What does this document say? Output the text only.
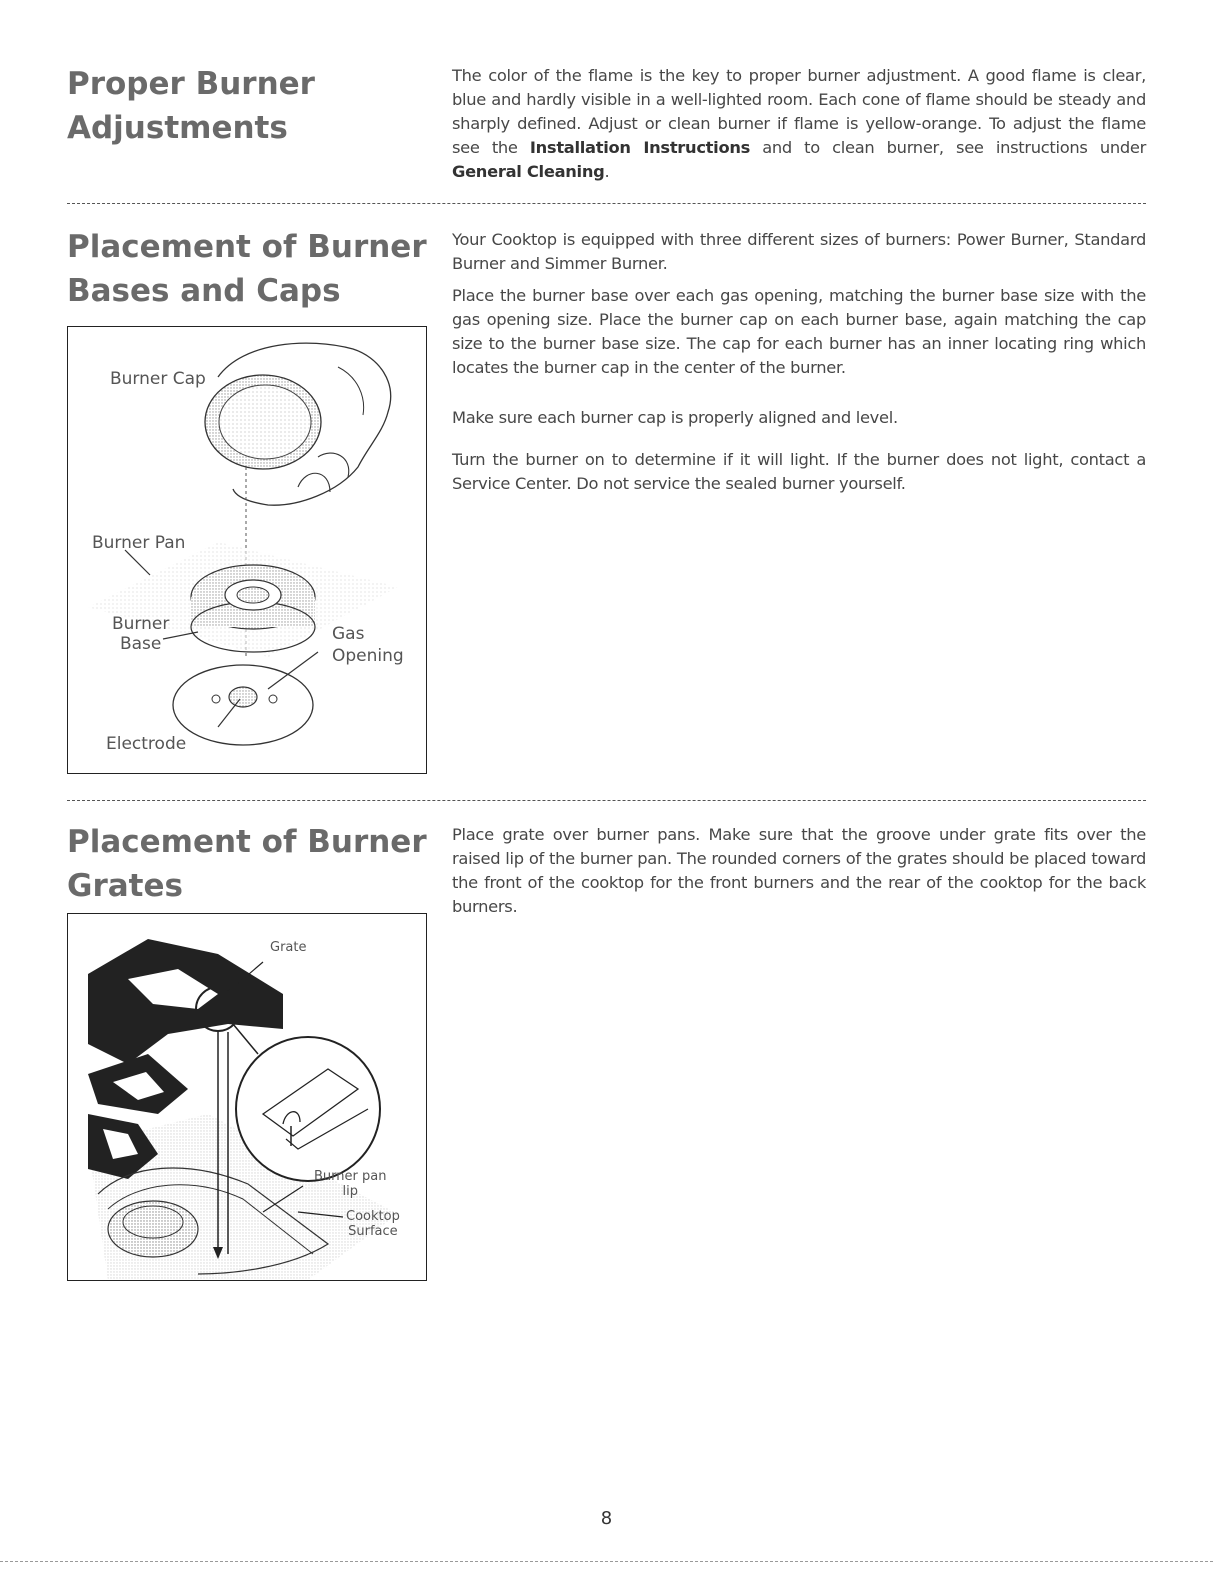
Proper Burner
Adjustments

The color of the flame is the key to proper burner adjustment. A good flame is clear, blue and hardly visible in a well-lighted room. Each cone of flame should be steady and sharply defined. Adjust or clean burner if flame is yellow-orange. To adjust the flame see the Installation Instructions and to clean burner, see instructions under General Cleaning.

Placement of Burner
Bases and Caps

Your Cooktop is equipped with three different sizes of burners: Power Burner, Standard Burner and Simmer Burner.

Place the burner base over each gas opening, matching the burner base size with the gas opening size. Place the burner cap on each burner base, again matching the cap size to the burner base size. The cap for each burner has an inner locating ring which locates the burner cap in the center of the burner.

Make sure each burner cap is properly aligned and level.

Turn the burner on to determine if it will light. If the burner does not light, contact a Service Center. Do not service the sealed burner yourself.

Burner Cap
Burner Pan
Burner
Base	Gas
Opening
Electrode
Placement of Burner
Grates

Place grate over burner pans. Make sure that the groove under grate fits over the raised lip of the burner pan. The rounded corners of the grates should be placed toward the front of the cooktop for the front burners and the rear of the cooktop for the back burners.

Grate
Burner pan
lip
Cooktop
Surface
8
